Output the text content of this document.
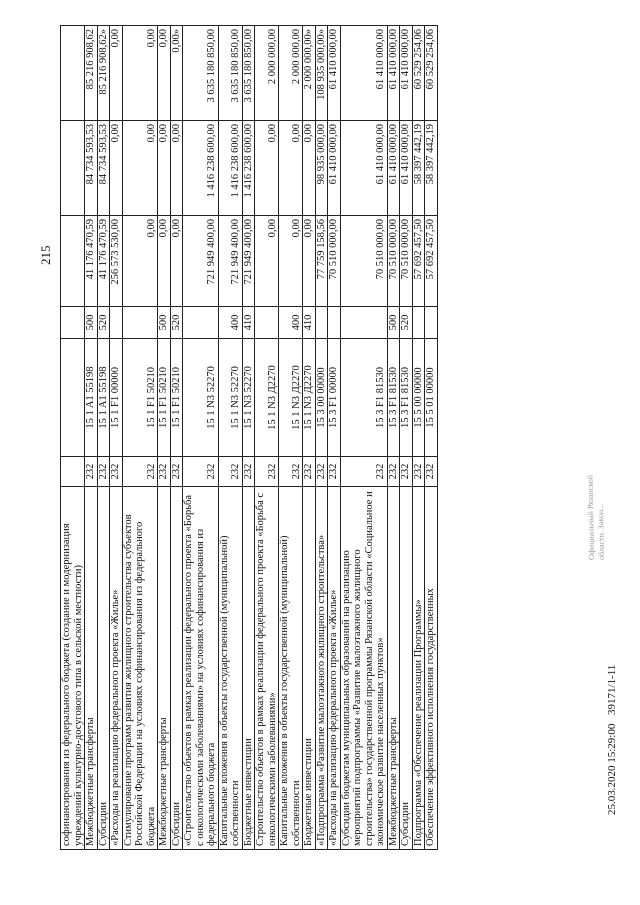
215
софинансирования из федерального бюджета (создание и модернизация учреждений культурно-досугового типа в сельской местности)						
Межбюджетные трансферты	232	15 1 A1 55198	500	41 176 470,59	84 734 593,53	85 216 908,62
Субсидии	232	15 1 A1 55198	520	41 176 470,59	84 734 593,53	85 216 908,62»
«Расходы на реализацию федерального проекта «Жилье»	232	15 1 F1 00000		256 573 530,00	0,00	0,00
Стимулирование программ развития жилищного строительства субъектов Российской Федерации на условиях софинансирования из федерального бюджета	232	15 1 F1 50210		0,00	0,00	0,00
Межбюджетные трансферты	232	15 1 F1 50210	500	0,00	0,00	0,00
Субсидии	232	15 1 F1 50210	520	0,00	0,00	0,00»
«Строительство объектов в рамках реализации федерального проекта «Борьба с онкологическими заболеваниями» на условиях софинансирования из федерального бюджета	232	15 1 N3 52270		721 949 400,00	1 416 238 600,00	3 635 180 850,00
Капитальные вложения в объекты государственной (муниципальной) собственности	232	15 1 N3 52270	400	721 949 400,00	1 416 238 600,00	3 635 180 850,00
Бюджетные инвестиции	232	15 1 N3 52270	410	721 949 400,00	1 416 238 600,00	3 635 180 850,00
Строительство объектов в рамках реализации федерального проекта «Борьба с онкологическими заболеваниями»	232	15 1 N3 Д2270		0,00	0,00	2 000 000,00
Капитальные вложения в объекты государственной (муниципальной) собственности	232	15 1 N3 Д2270	400	0,00	0,00	2 000 000,00
Бюджетные инвестиции	232	15 1 N3 Д2270	410	0,00	0,00	2 000 000,00»
«Подпрограмма «Развитие малоэтажного жилищного строительства»	232	15 3 00 00000		77 759 158,56	98 935 000,00	108 935 000,00»
«Расходы на реализацию федерального проекта «Жилье»	232	15 3 F1 00000		70 510 000,00	61 410 000,00	61 410 000,00
Субсидии бюджетам муниципальных образований на реализацию мероприятий подпрограммы «Развитие малоэтажного жилищного строительства» государственной программы Рязанской области «Социальное и экономическое развитие населенных пунктов»	232	15 3 F1 81530		70 510 000,00	61 410 000,00	61 410 000,00
Межбюджетные трансферты	232	15 3 F1 81530	500	70 510 000,00	61 410 000,00	61 410 000,00
Субсидии	232	15 3 F1 81530	520	70 510 000,00	61 410 000,00	61 410 000,00
Подпрограмма «Обеспечение реализации Программы»	232	15 5 00 00000		57 692 457,50	58 397 442,19	60 529 254,06
Обеспечение эффективного исполнения государственных	232	15 5 01 00000		57 692 457,50	58 397 442,19	60 529 254,06
25.03.2020 15:29:00
39171/1-11
Официальный Рязанской области. Закон...
